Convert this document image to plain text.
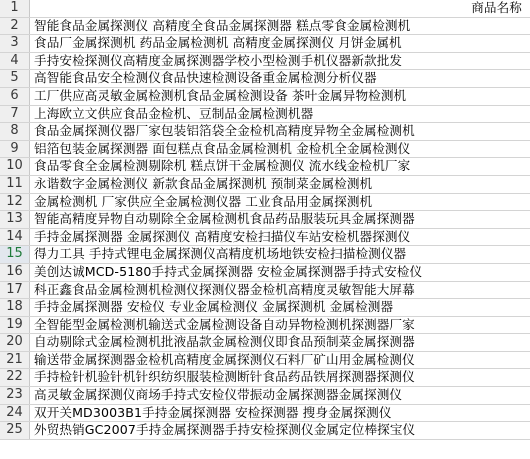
1	商品名称
2	智能食品金属探测仪 高精度全食品金属探测器 糕点零食金属检测机
3	食品厂金属探测机 药品金属检测机 高精度金属探测仪 月饼金属机
4	手持安检探测仪高精度金属探测器学校小型检测手机仪器新款批发
5	高智能食品安全检测仪食品快速检测设备重金属检测分析仪器
6	工厂供应高灵敏金属检测机食品金属检测设备 茶叶金属异物检测机
7	上海欧立文供应食品金检机、豆制品金属检测机器
8	食品金属探测仪器厂家包装铝箔袋全金检机高精度异物全金属检测机
9	铝箔包装金属探测器 面包糕点食品金属检测机 金检机全金属检测仪
10 食品零食全金属检测剔除机 糕点饼干金属检测仪 流水线金检机厂家
11 永谐数字金属检测仪 新款食品金属探测机 预制菜金属检测机
12 金属检测机 厂家供应全金属检测仪器 工业食品用金属探测机
13 智能高精度异物自动剔除全金属检测机食品药品服装玩具金属探测器
14 手持金属探测器 金属探测仪 高精度安检扫描仪车站安检机器探测仪
15 得力工具 手持式锂电金属探测仪高精度机场地铁安检扫描检测仪器
16 美创达诚MCD-5180手持式金属探测器 安检金属探测器手持式安检仪
17 科正鑫食品金属检测机检测仪探测仪器金检机高精度灵敏智能大屏幕
18 手持金属探测器 安检仪 专业金属检测仪 金属探测机 金属检测器
19 全智能型金属检测机输送式金属检测设备自动异物检测机探测器厂家
20 自动剔除式金属检测机批液晶款金属检测仪即食品预制菜金属探测器
21 输送带金属探测器金检机高精度金属探测仪石料厂矿山用金属检测仪
22 手持检针机验针机针织纺织服装检测断针食品药品铁屑探测器探测仪
23 高灵敏金属探测仪商场手持式安检仪带振动金属探测器金属探测仪
24 双开关MD3003B1手持金属探测器 安检探测器 搜身金属探测仪
25 外贸热销GC2007手持金属探测器手持安检探测仪金属定位棒探宝仪
